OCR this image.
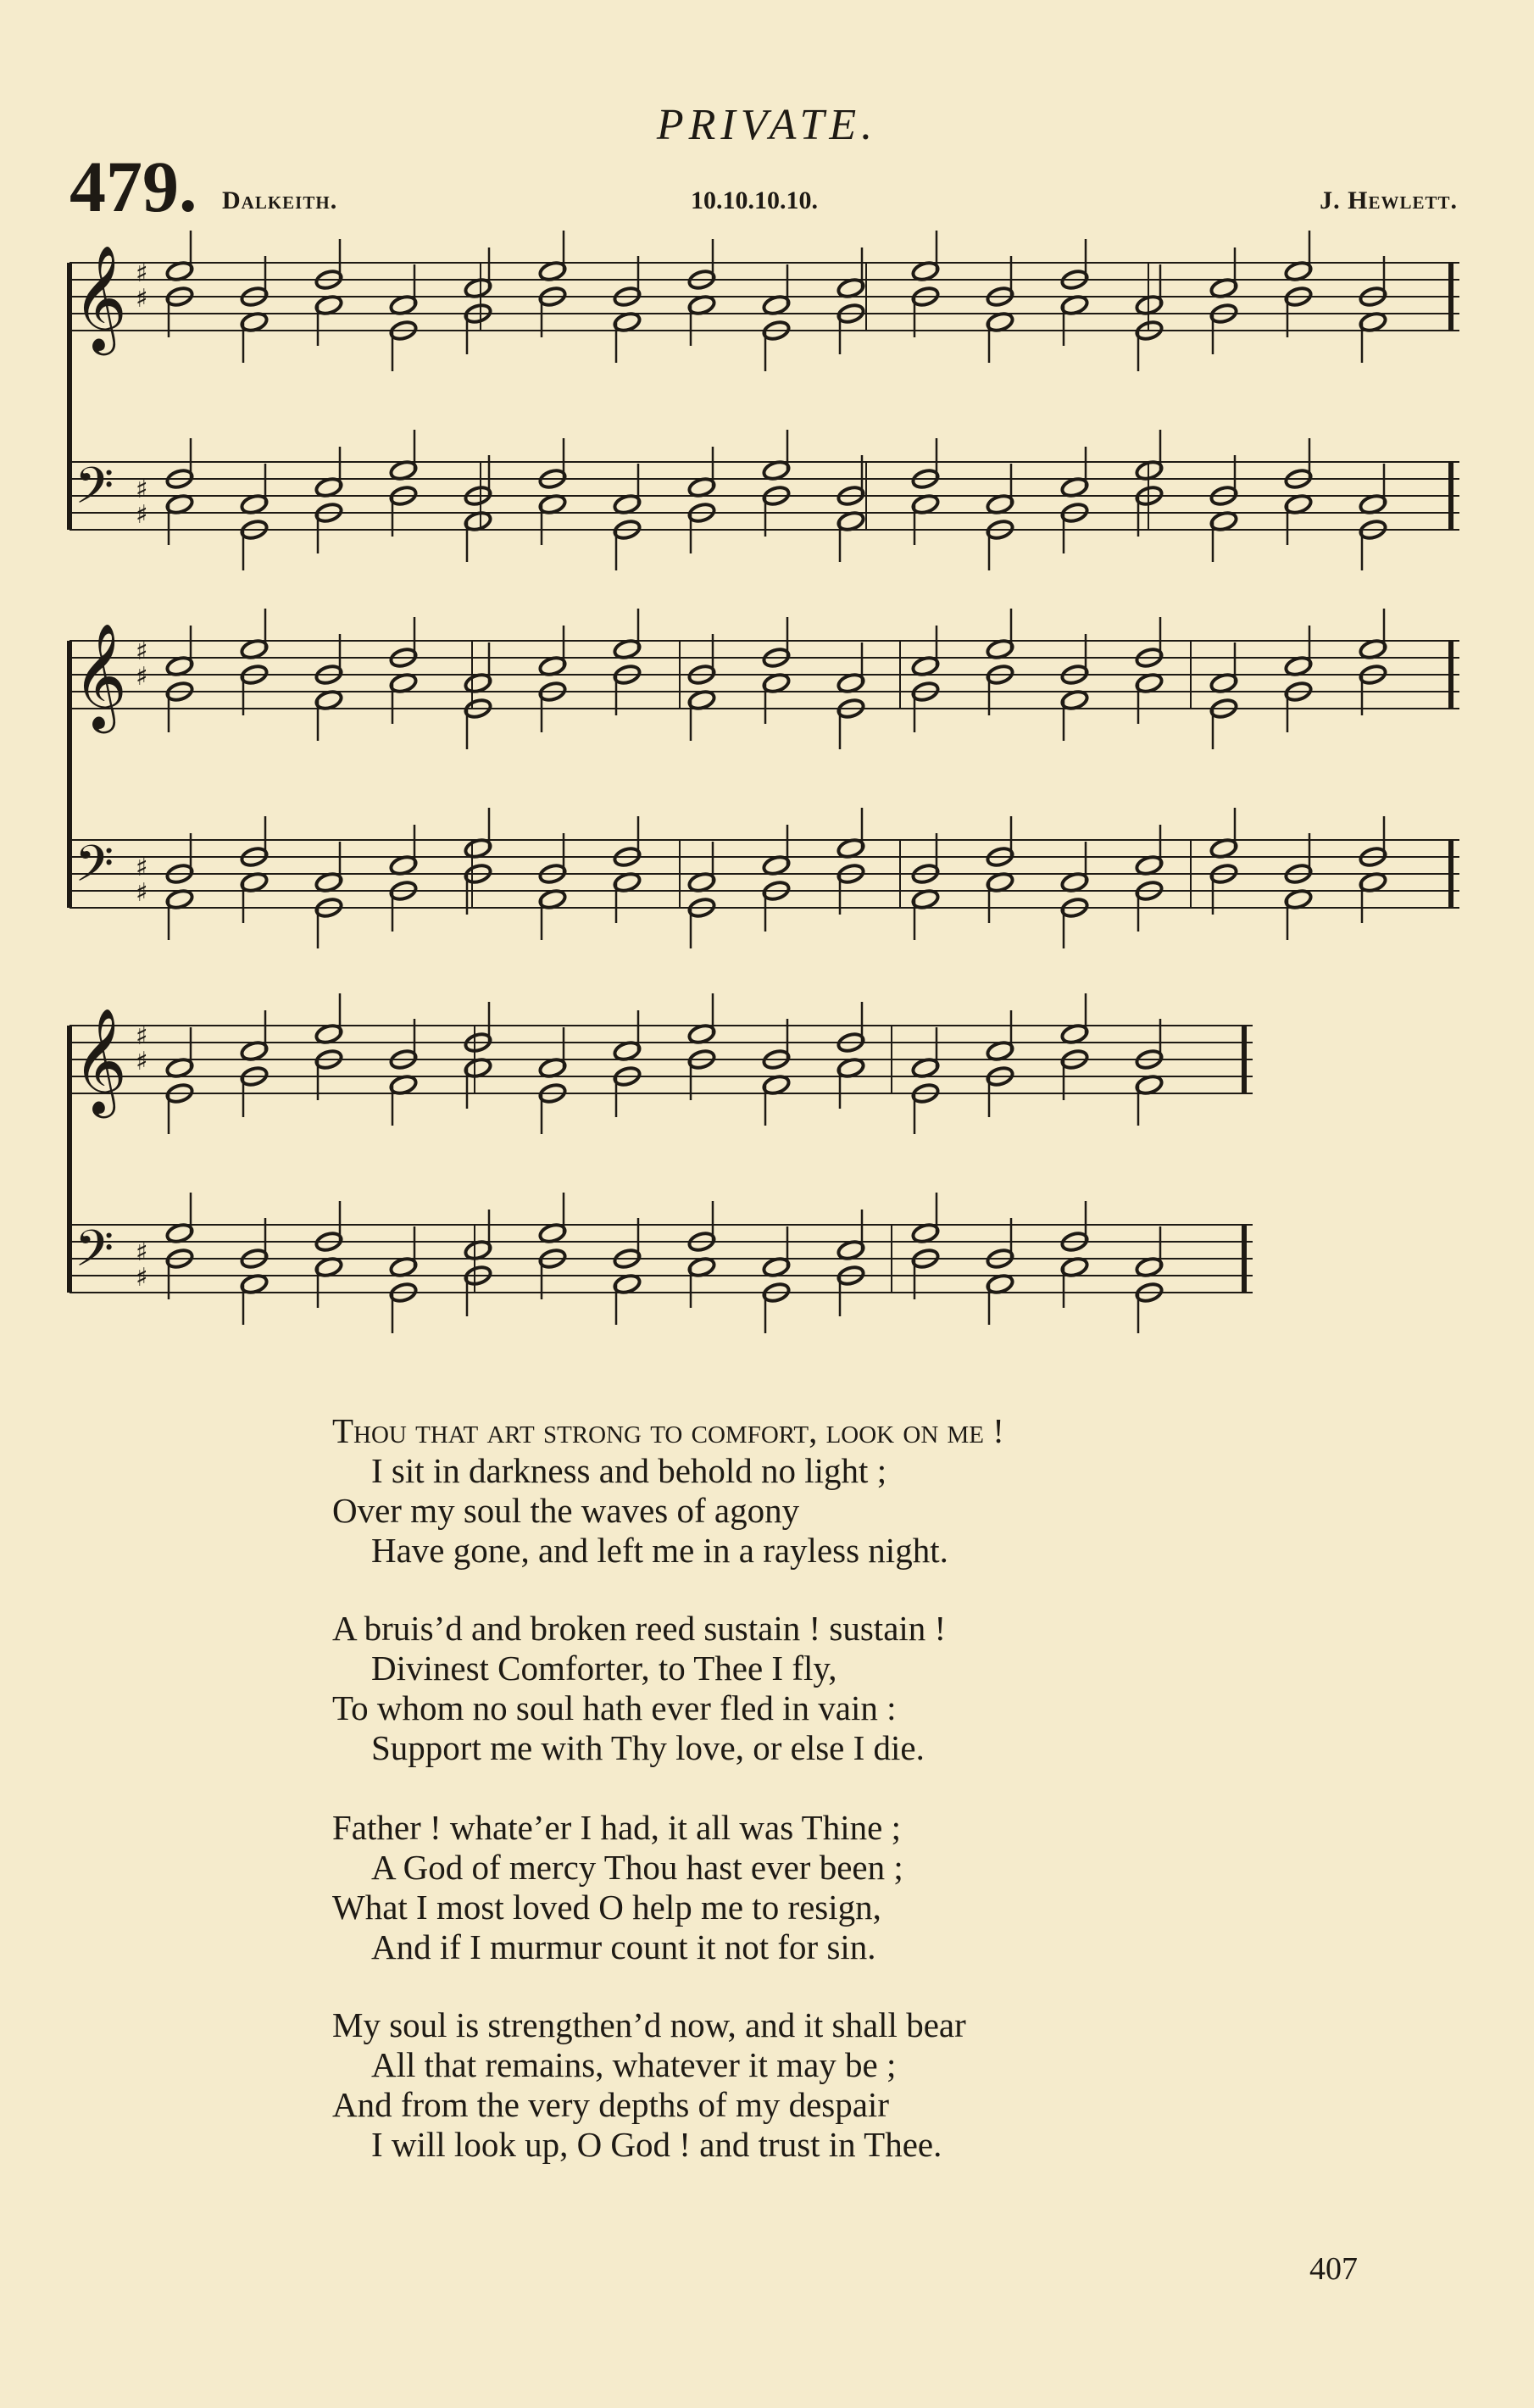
PRIVATE.
479. Dalkeith.	10.10.10.10.	J. Hewlett.
𝄞 ♯
♯
𝄢 ♯
♯
𝄞 ♯
♯
𝄢 ♯
♯
𝄞 ♯
♯
𝄢 ♯
♯
Thou that art strong to comfort, look on me !
I sit in darkness and behold no light ;
Over my soul the waves of agony
Have gone, and left me in a rayless night.
A bruis’d and broken reed sustain ! sustain !
Divinest Comforter, to Thee I fly,
To whom no soul hath ever fled in vain :
Support me with Thy love, or else I die.
Father ! whate’er I had, it all was Thine ;
A God of mercy Thou hast ever been ;
What I most loved O help me to resign,
And if I murmur count it not for sin.
My soul is strengthen’d now, and it shall bear
All that remains, whatever it may be ;
And from the very depths of my despair
I will look up, O God ! and trust in Thee.
407
